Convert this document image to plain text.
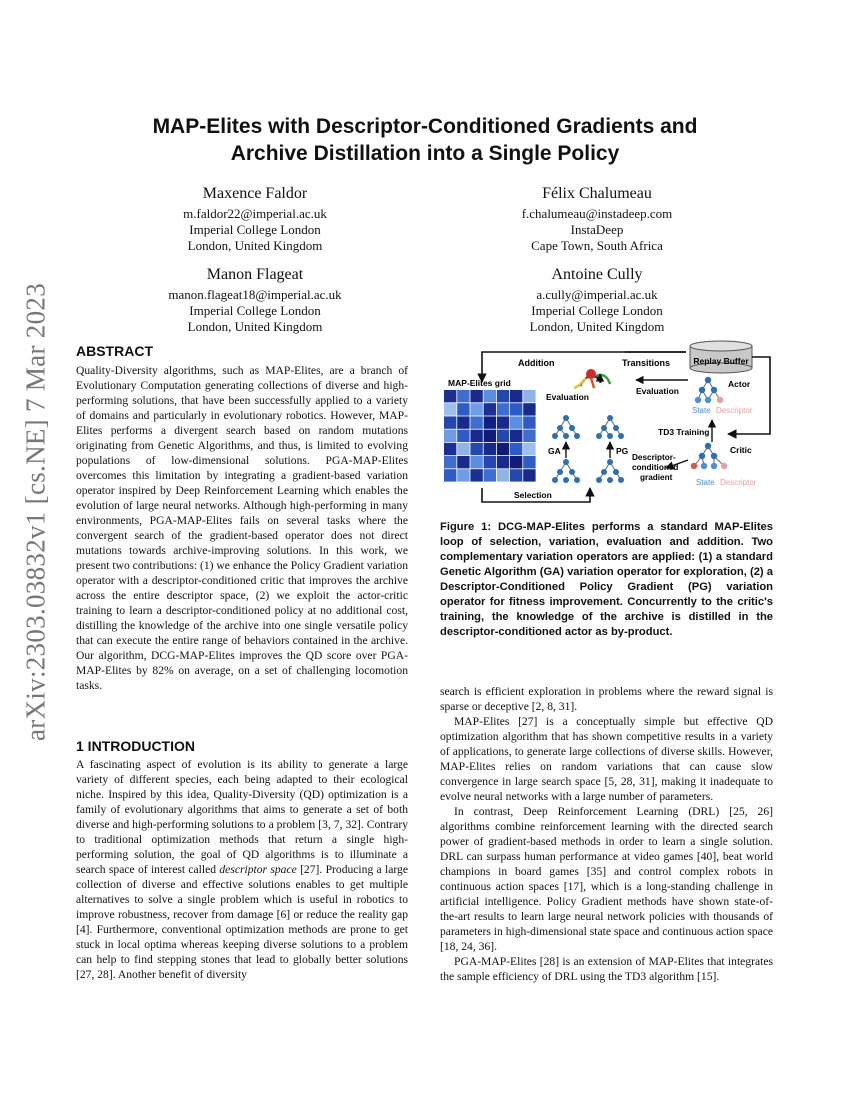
arXiv:2303.03832v1 [cs.NE] 7 Mar 2023
MAP-Elites with Descriptor-Conditioned Gradients and
Archive Distillation into a Single Policy
Maxence Faldor
m.faldor22@imperial.ac.uk
Imperial College London
London, United Kingdom
Félix Chalumeau
f.chalumeau@instadeep.com
InstaDeep
Cape Town, South Africa
Manon Flageat
manon.flageat18@imperial.ac.uk
Imperial College London
London, United Kingdom
Antoine Cully
a.cully@imperial.ac.uk
Imperial College London
London, United Kingdom
ABSTRACT

Quality-Diversity algorithms, such as MAP-Elites, are a branch of Evolutionary Computation generating collections of diverse and high-performing solutions, that have been successfully applied to a variety of domains and particularly in evolutionary robotics. However, MAP-Elites performs a divergent search based on random mutations originating from Genetic Algorithms, and thus, is limited to evolving populations of low-dimensional solutions. PGA-MAP-Elites overcomes this limitation by integrating a gradient-based variation operator inspired by Deep Reinforcement Learning which enables the evolution of large neural networks. Although high-performing in many environments, PGA-MAP-Elites fails on several tasks where the convergent search of the gradient-based operator does not direct mutations towards archive-improving solutions. In this work, we present two contributions: (1) we enhance the Policy Gradient variation operator with a descriptor-conditioned critic that improves the archive across the entire descriptor space, (2) we exploit the actor-critic training to learn a descriptor-conditioned policy at no additional cost, distilling the knowledge of the archive into one single versatile policy that can execute the entire range of behaviors contained in the archive. Our algorithm, DCG-MAP-Elites improves the QD score over PGA-MAP-Elites by 82% on average, on a set of challenging locomotion tasks.

1 INTRODUCTION

A fascinating aspect of evolution is its ability to generate a large variety of different species, each being adapted to their ecological niche. Inspired by this idea, Quality-Diversity (QD) optimization is a family of evolutionary algorithms that aims to generate a set of both diverse and high-performing solutions to a problem [3, 7, 32]. Contrary to traditional optimization methods that return a single high-performing solution, the goal of QD algorithms is to illuminate a search space of interest called descriptor space [27]. Producing a large collection of diverse and effective solutions enables to get multiple alternatives to solve a single problem which is useful in robotics to improve robustness, recover from damage [6] or reduce the reality gap [4]. Furthermore, conventional optimization methods are prone to get stuck in local optima whereas keeping diverse solutions to a problem can help to find stepping stones that lead to globally better solutions [27, 28]. Another benefit of diversity

Addition	Transitions	Replay Buffer
MAP-Elites grid
Evaluation
Evaluation
Actor
State Descriptor
TD3 Training
Critic
State Descriptor
GA	PG
Descriptor-
conditioned
gradient
Selection
Figure 1: DCG-MAP-Elites performs a standard MAP-Elites loop of selection, variation, evaluation and addition. Two complementary variation operators are applied: (1) a standard Genetic Algorithm (GA) variation operator for exploration, (2) a Descriptor-Conditioned Policy Gradient (PG) variation operator for fitness improvement. Concurrently to the critic's training, the knowledge of the archive is distilled in the descriptor-conditioned actor as by-product.

search is efficient exploration in problems where the reward signal is sparse or deceptive [2, 8, 31].

MAP-Elites [27] is a conceptually simple but effective QD optimization algorithm that has shown competitive results in a variety of applications, to generate large collections of diverse skills. However, MAP-Elites relies on random variations that can cause slow convergence in large search space [5, 28, 31], making it inadequate to evolve neural networks with a large number of parameters.

In contrast, Deep Reinforcement Learning (DRL) [25, 26] algorithms combine reinforcement learning with the directed search power of gradient-based methods in order to learn a single solution. DRL can surpass human performance at video games [40], beat world champions in board games [35] and control complex robots in continuous action spaces [17], which is a long-standing challenge in artificial intelligence. Policy Gradient methods have shown state-of-the-art results to learn large neural network policies with thousands of parameters in high-dimensional state space and continuous action space [18, 24, 36].

PGA-MAP-Elites [28] is an extension of MAP-Elites that integrates the sample efficiency of DRL using the TD3 algorithm [15].
